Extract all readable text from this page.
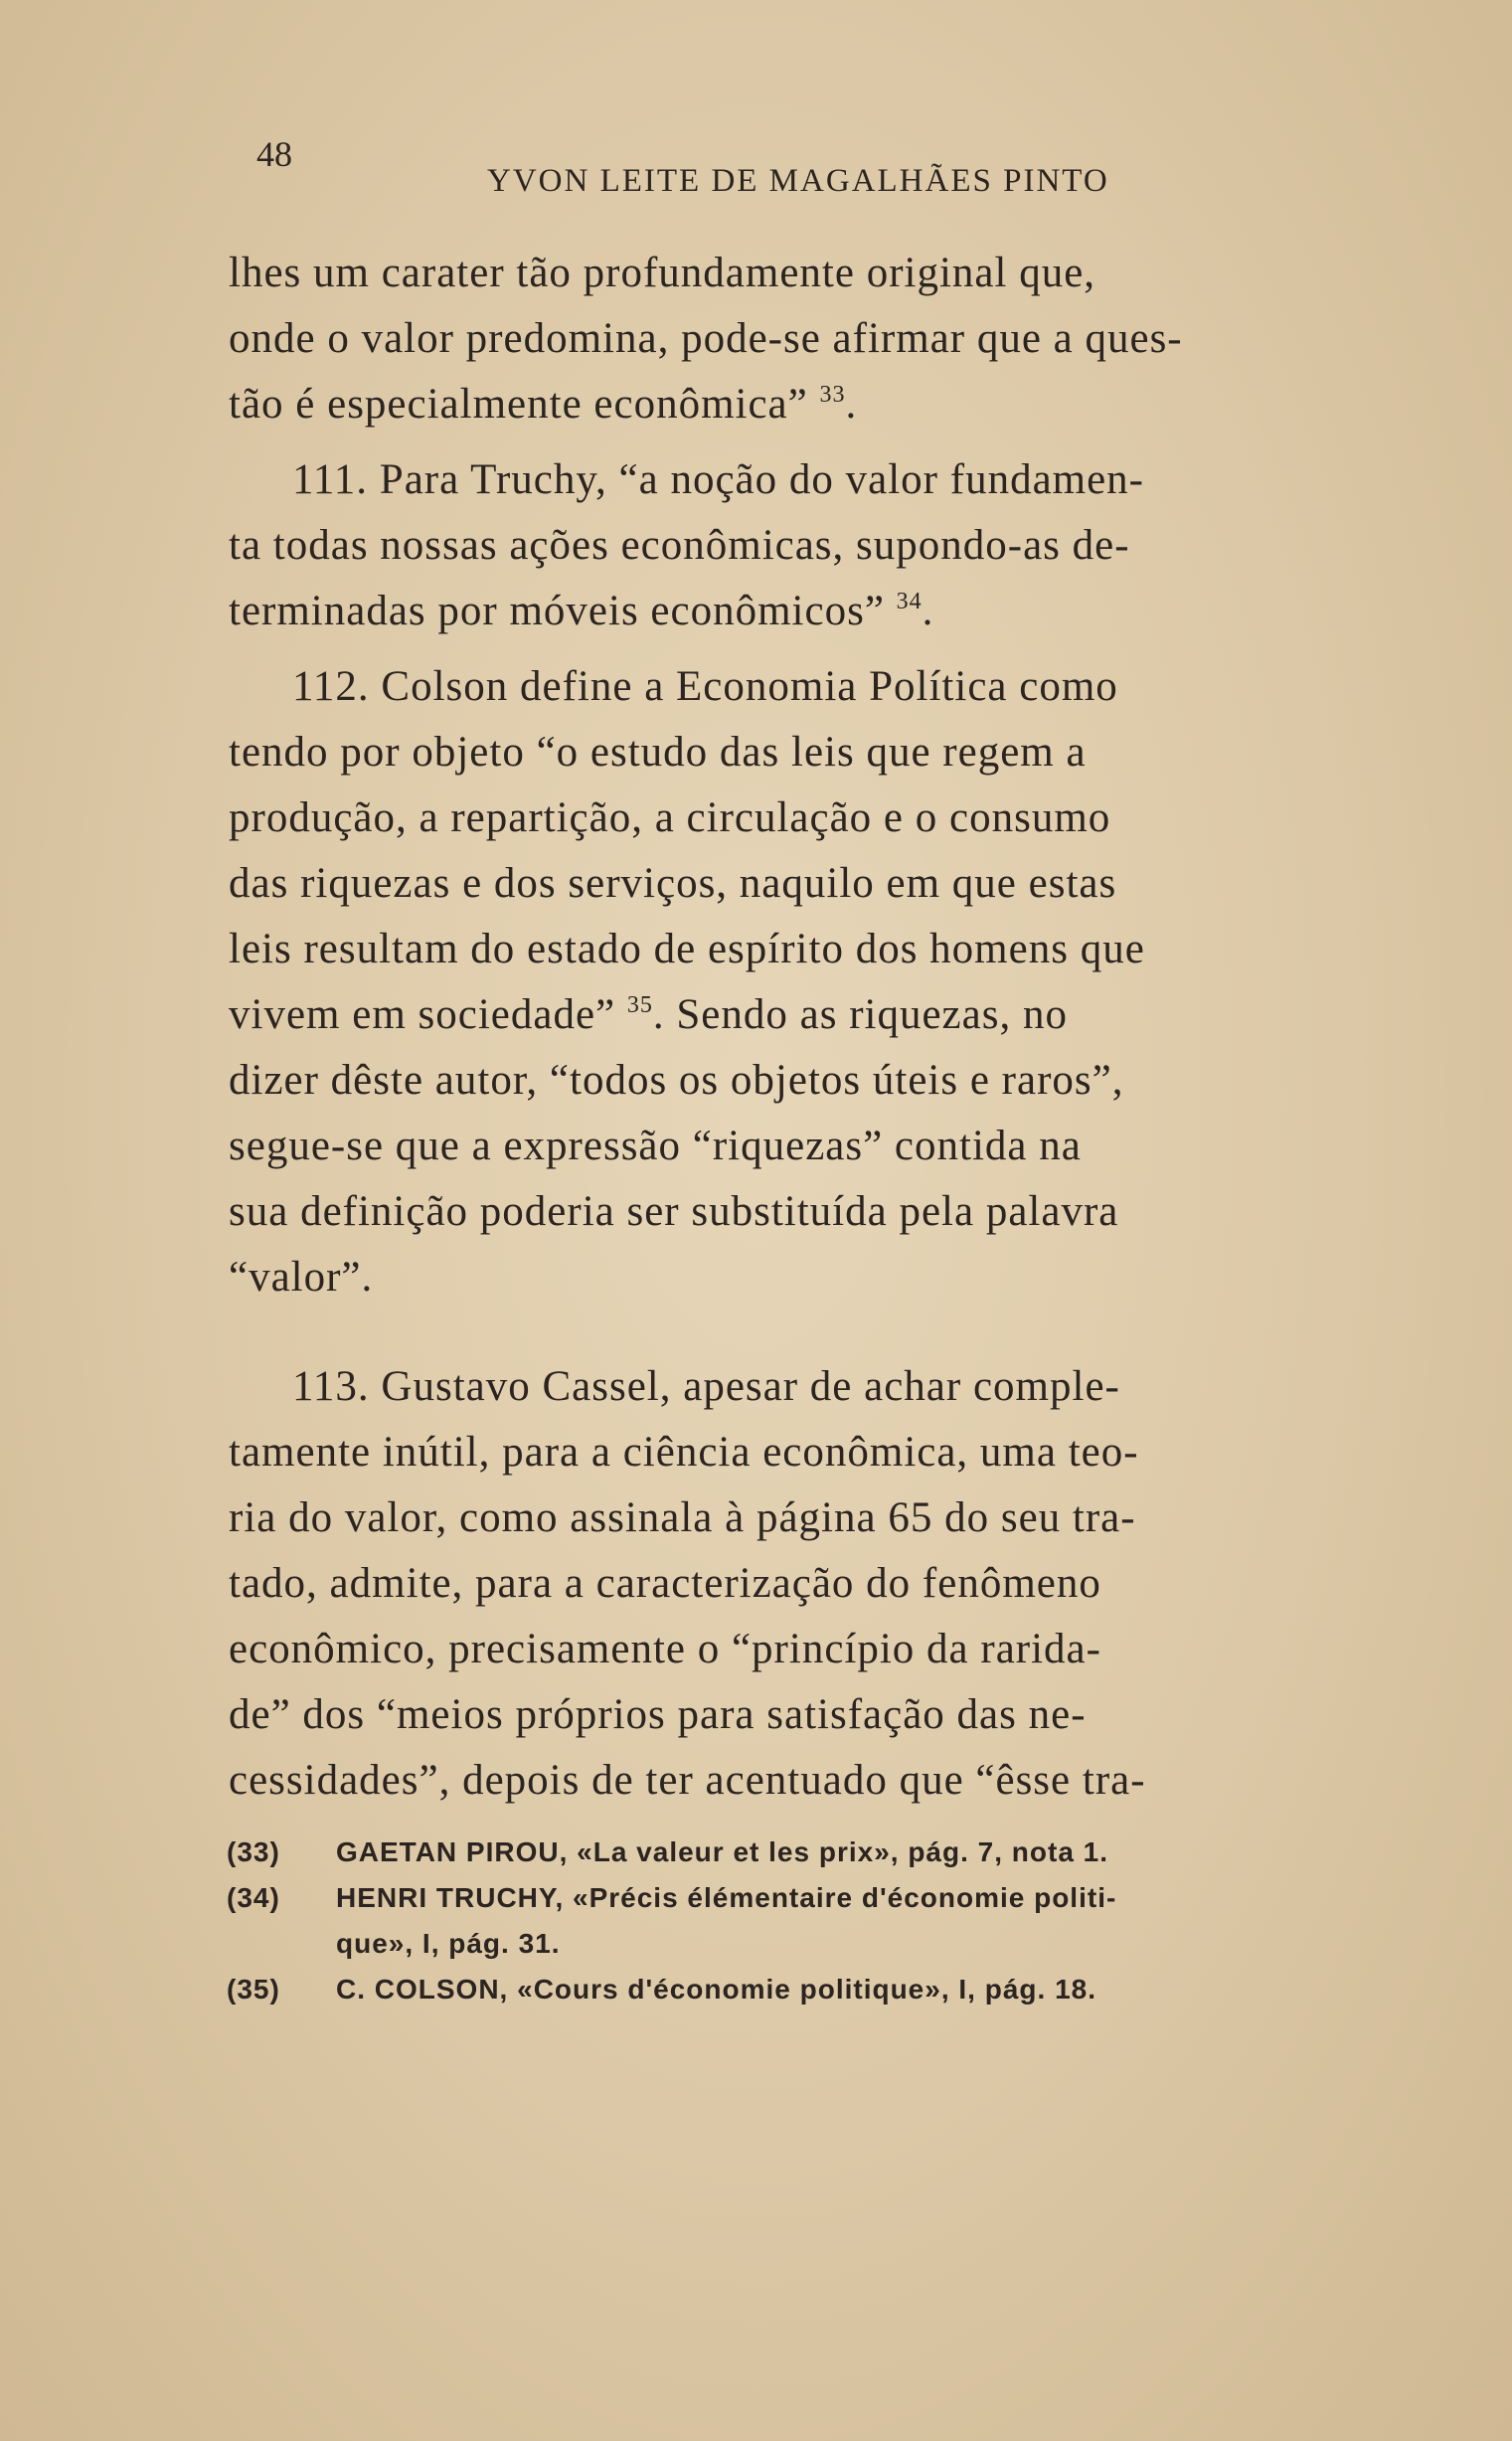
48
YVON LEITE DE MAGALHÃES PINTO
lhes um carater tão profundamente original que,
onde o valor predomina, pode-se afirmar que a ques-
tão é especialmente econômica” $^{33}$.
111. Para Truchy, “a noção do valor fundamen-
ta todas nossas ações econômicas, supondo-as de-
terminadas por móveis econômicos” $^{34}$.
112. Colson define a Economia Política como
tendo por objeto “o estudo das leis que regem a
produção, a repartição, a circulação e o consumo
das riquezas e dos serviços, naquilo em que estas
leis resultam do estado de espírito dos homens que
vivem em sociedade” $^{35}$. Sendo as riquezas, no
dizer dêste autor, “todos os objetos úteis e raros”,
segue-se que a expressão “riquezas” contida na
sua definição poderia ser substituída pela palavra
“valor”.
113. Gustavo Cassel, apesar de achar comple-
tamente inútil, para a ciência econômica, uma teo-
ria do valor, como assinala à página 65 do seu tra-
tado, admite, para a caracterização do fenômeno
econômico, precisamente o “princípio da rarida-
de” dos “meios próprios para satisfação das ne-
cessidades”, depois de ter acentuado que “êsse tra-
(33) GAETAN PIROU, «La valeur et les prix», pág. 7, nota 1.
(34) HENRI TRUCHY, «Précis élémentaire d'économie politi-
que», I, pág. 31.
(35) C. COLSON, «Cours d'économie politique», I, pág. 18.
